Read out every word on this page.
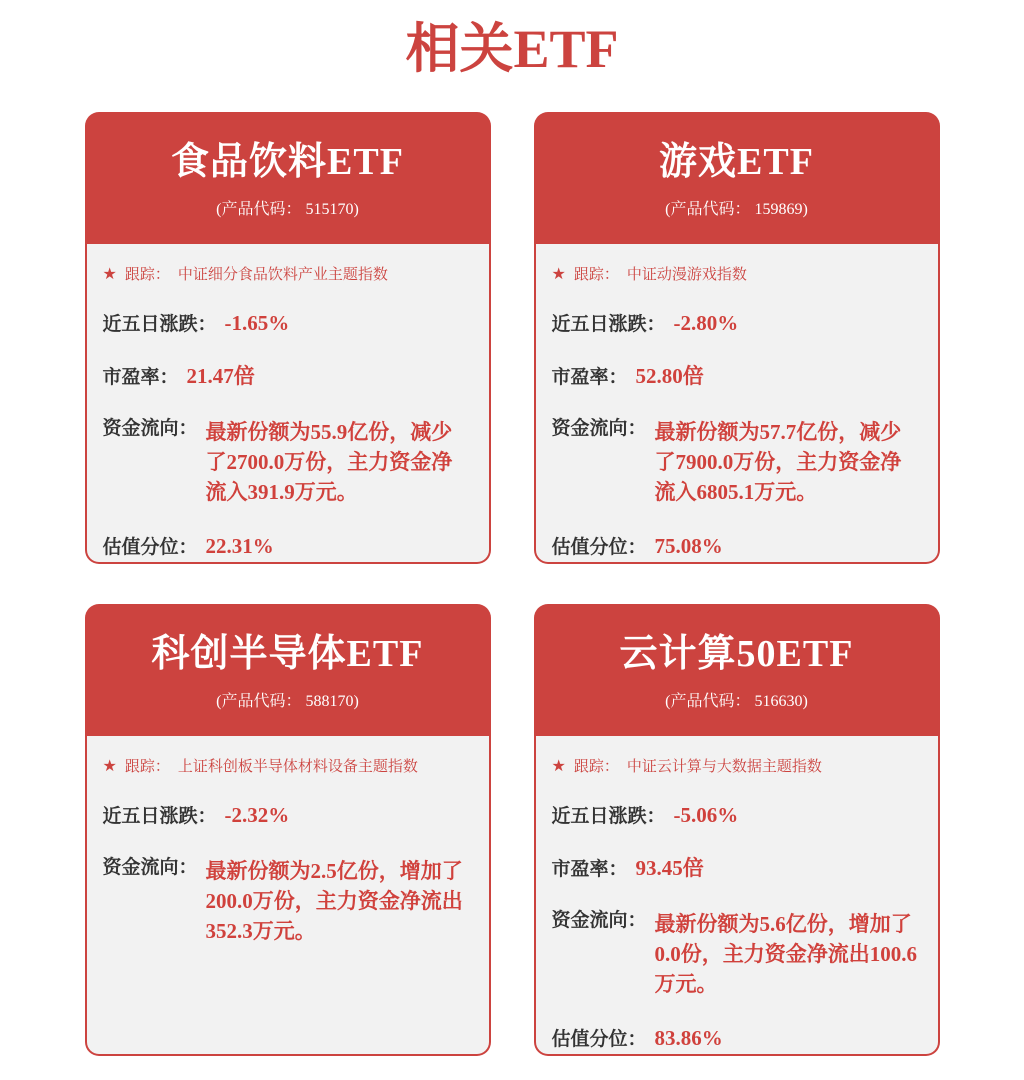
相关ETF
食品饮料ETF
(产品代码： 515170)
★ 跟踪： 中证细分食品饮料产业主题指数
近五日涨跌： -1.65%
市盈率： 21.47倍
资金流向： 最新份额为55.9亿份，减少了2700.0万份，主力资金净流入391.9万元。
估值分位： 22.31%
游戏ETF
(产品代码： 159869)
★ 跟踪： 中证动漫游戏指数
近五日涨跌： -2.80%
市盈率： 52.80倍
资金流向： 最新份额为57.7亿份，减少了7900.0万份，主力资金净流入6805.1万元。
估值分位： 75.08%
科创半导体ETF
(产品代码： 588170)
★ 跟踪： 上证科创板半导体材料设备主题指数
近五日涨跌： -2.32%
资金流向： 最新份额为2.5亿份，增加了200.0万份，主力资金净流出352.3万元。
云计算50ETF
(产品代码： 516630)
★ 跟踪： 中证云计算与大数据主题指数
近五日涨跌： -5.06%
市盈率： 93.45倍
资金流向： 最新份额为5.6亿份，增加了0.0份，主力资金净流出100.6万元。
估值分位： 83.86%
